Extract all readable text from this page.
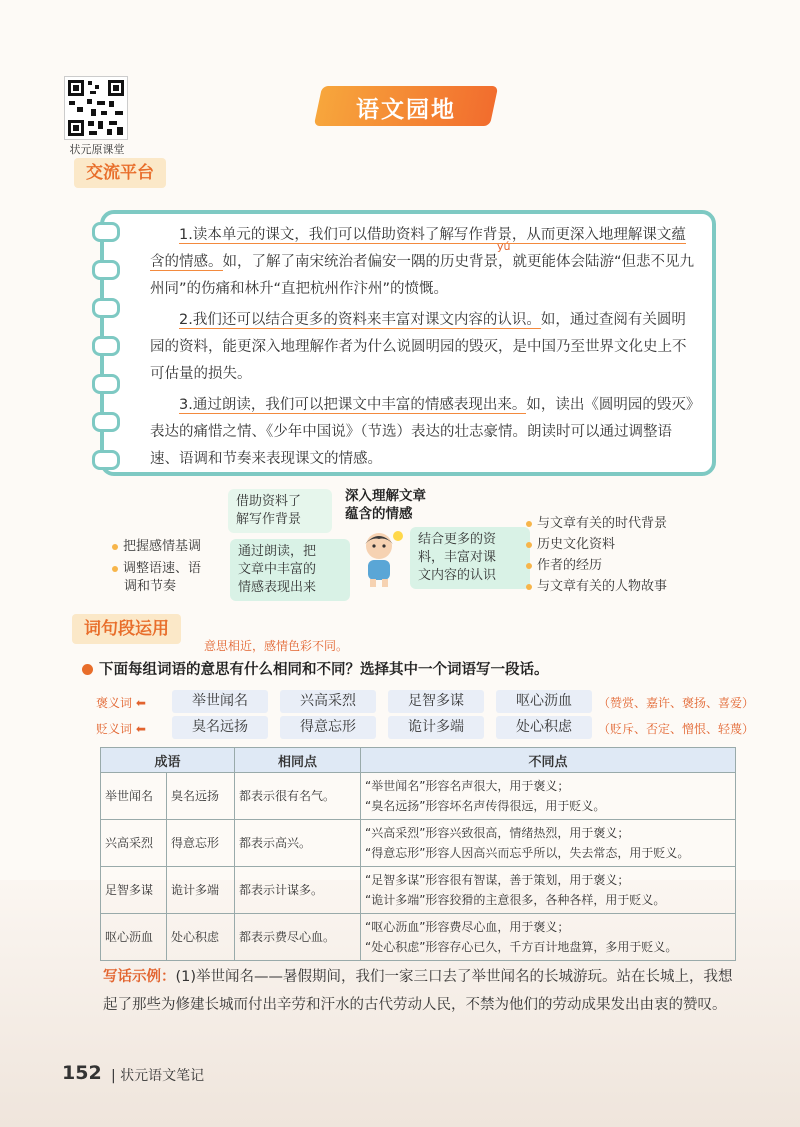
状元原课堂
语文园地
交流平台
yú

1.读本单元的课文，我们可以借助资料了解写作背景，从而更深入地理解课文蕴含的情感。如，了解了南宋统治者偏安一隅的历史背景，就更能体会陆游“但悲不见九州同”的伤痛和林升“直把杭州作汴州”的愤慨。

2.我们还可以结合更多的资料来丰富对课文内容的认识。如，通过查阅有关圆明园的资料，能更深入地理解作者为什么说圆明园的毁灭，是中国乃至世界文化史上不可估量的损失。

3.通过朗读，我们可以把课文中丰富的情感表现出来。如，读出《圆明园的毁灭》表达的痛惜之情、《少年中国说》（节选）表达的壮志豪情。朗读时可以通过调整语速、语调和节奏来表现课文的情感。

借助资料了
解写作背景
深入理解文章
蕴含的情感
通过朗读，把
文章中丰富的
情感表现出来
结合更多的资
料，丰富对课
文内容的认识
把握感情基调
调整语速、语
调和节奏
与文章有关的时代背景
历史文化资料
作者的经历
与文章有关的人物故事
词句段运用
意思相近，感情色彩不同。
下面每组词语的意思有什么相同和不同？选择其中一个词语写一段话。
褒义词 ⬅
贬义词 ⬅
举世闻名	兴高采烈	足智多谋	呕心沥血
臭名远扬	得意忘形	诡计多端	处心积虑
（赞赏、嘉许、褒扬、喜爱）
（贬斥、否定、憎恨、轻蔑）
成语		相同点	不同点
举世闻名	臭名远扬	都表示很有名气。	“举世闻名”形容名声很大，用于褒义；
“臭名远扬”形容坏名声传得很远，用于贬义。

兴高采烈	得意忘形	都表示高兴。	“兴高采烈”形容兴致很高，情绪热烈，用于褒义；
“得意忘形”形容人因高兴而忘乎所以，失去常态，用于贬义。

足智多谋	诡计多端	都表示计谋多。	“足智多谋”形容很有智谋，善于策划，用于褒义；
“诡计多端”形容狡猾的主意很多，各种各样，用于贬义。

呕心沥血	处心积虑	都表示费尽心血。	“呕心沥血”形容费尽心血，用于褒义；
“处心积虑”形容存心已久，千方百计地盘算，多用于贬义。
写话示例：(1)举世闻名——暑假期间，我们一家三口去了举世闻名的长城游玩。站在长城上，我想起了那些为修建长城而付出辛劳和汗水的古代劳动人民，不禁为他们的劳动成果发出由衷的赞叹。
152 | 状元语文笔记
